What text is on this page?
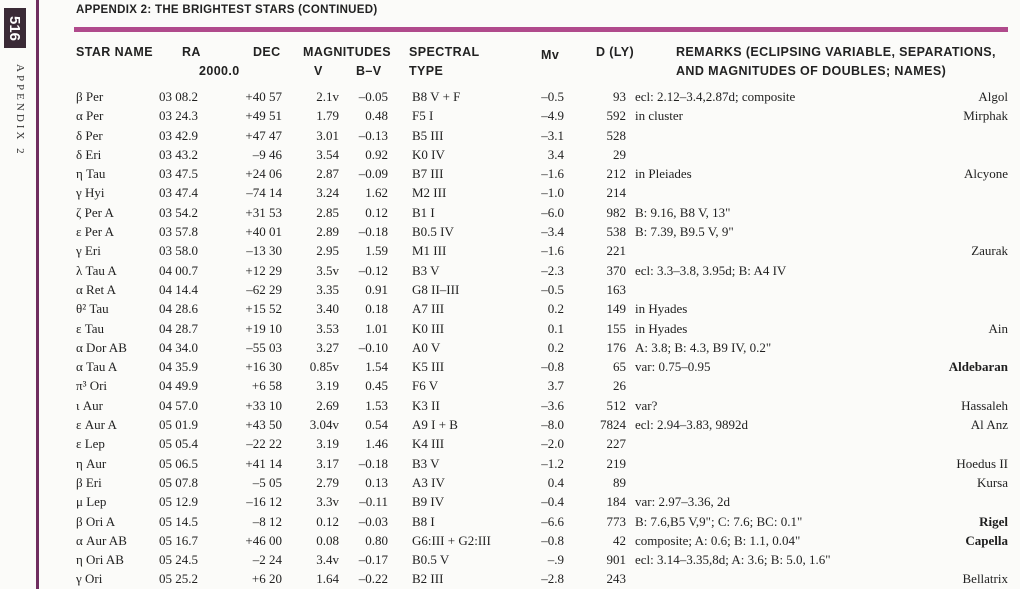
516
APPENDIX 2
APPENDIX 2: THE BRIGHTEST STARS (CONTINUED)
STAR NAME RA	DEC
2000.0
MAGNITUDES
V	B–V
SPECTRAL
TYPE
Mv	D (LY)	REMARKS (ECLIPSING VARIABLE, SEPARATIONS,
AND MAGNITUDES OF DOUBLES; NAMES)
β Per	03 08.2	+40 57	2.1v	–0.05 B8 V + F	–0.5	93 ecl: 2.12–3.4,2.87d; composite	Algol
α Per	03 24.3	+49 51	1.79	0.48 F5 I	–4.9	592 in cluster	Mirphak
δ Per	03 42.9	+47 47	3.01	–0.13 B5 III	–3.1	528
δ Eri	03 43.2	–9 46	3.54	0.92 K0 IV	3.4	29
η Tau	03 47.5	+24 06	2.87	–0.09 B7 III	–1.6	212 in Pleiades	Alcyone
γ Hyi	03 47.4	–74 14	3.24	1.62 M2 III	–1.0	214
ζ Per A	03 54.2	+31 53	2.85	0.12 B1 I	–6.0	982 B: 9.16, B8 V, 13"
ε Per A	03 57.8	+40 01	2.89	–0.18 B0.5 IV	–3.4	538 B: 7.39, B9.5 V, 9"
γ Eri	03 58.0	–13 30	2.95	1.59 M1 III	–1.6	221	Zaurak
λ Tau A	04 00.7	+12 29	3.5v	–0.12 B3 V	–2.3	370 ecl: 3.3–3.8, 3.95d; B: A4 IV
α Ret A	04 14.4	–62 29	3.35	0.91 G8 II–III	–0.5	163
θ² Tau	04 28.6	+15 52	3.40	0.18 A7 III	0.2	149 in Hyades
ε Tau	04 28.7	+19 10	3.53	1.01 K0 III	0.1	155 in Hyades	Ain
α Dor AB 04 34.0	–55 03	3.27	–0.10 A0 V	0.2	176 A: 3.8; B: 4.3, B9 IV, 0.2"
α Tau A	04 35.9	+16 30 0.85v	1.54 K5 III	–0.8	65 var: 0.75–0.95	Aldebaran
π³ Ori	04 49.9	+6 58	3.19	0.45 F6 V	3.7	26
ι Aur	04 57.0	+33 10	2.69	1.53 K3 II	–3.6	512 var?	Hassaleh
ε Aur A	05 01.9	+43 50 3.04v	0.54 A9 I + B	–8.0	7824 ecl: 2.94–3.83, 9892d	Al Anz
ε Lep	05 05.4	–22 22	3.19	1.46 K4 III	–2.0	227
η Aur	05 06.5	+41 14	3.17	–0.18 B3 V	–1.2	219	Hoedus II
β Eri	05 07.8	–5 05	2.79	0.13 A3 IV	0.4	89	Kursa
μ Lep	05 12.9	–16 12	3.3v	–0.11 B9 IV	–0.4	184 var: 2.97–3.36, 2d
β Ori A	05 14.5	–8 12	0.12	–0.03 B8 I	–6.6	773 B: 7.6,B5 V,9"; C: 7.6; BC: 0.1"	Rigel
α Aur AB 05 16.7	+46 00	0.08	0.80 G6:III + G2:III	–0.8	42 composite; A: 0.6; B: 1.1, 0.04"	Capella
η Ori AB	05 24.5	–2 24	3.4v	–0.17 B0.5 V	–.9	901 ecl: 3.14–3.35,8d; A: 3.6; B: 5.0, 1.6"
γ Ori	05 25.2	+6 20	1.64	–0.22 B2 III	–2.8	243	Bellatrix
